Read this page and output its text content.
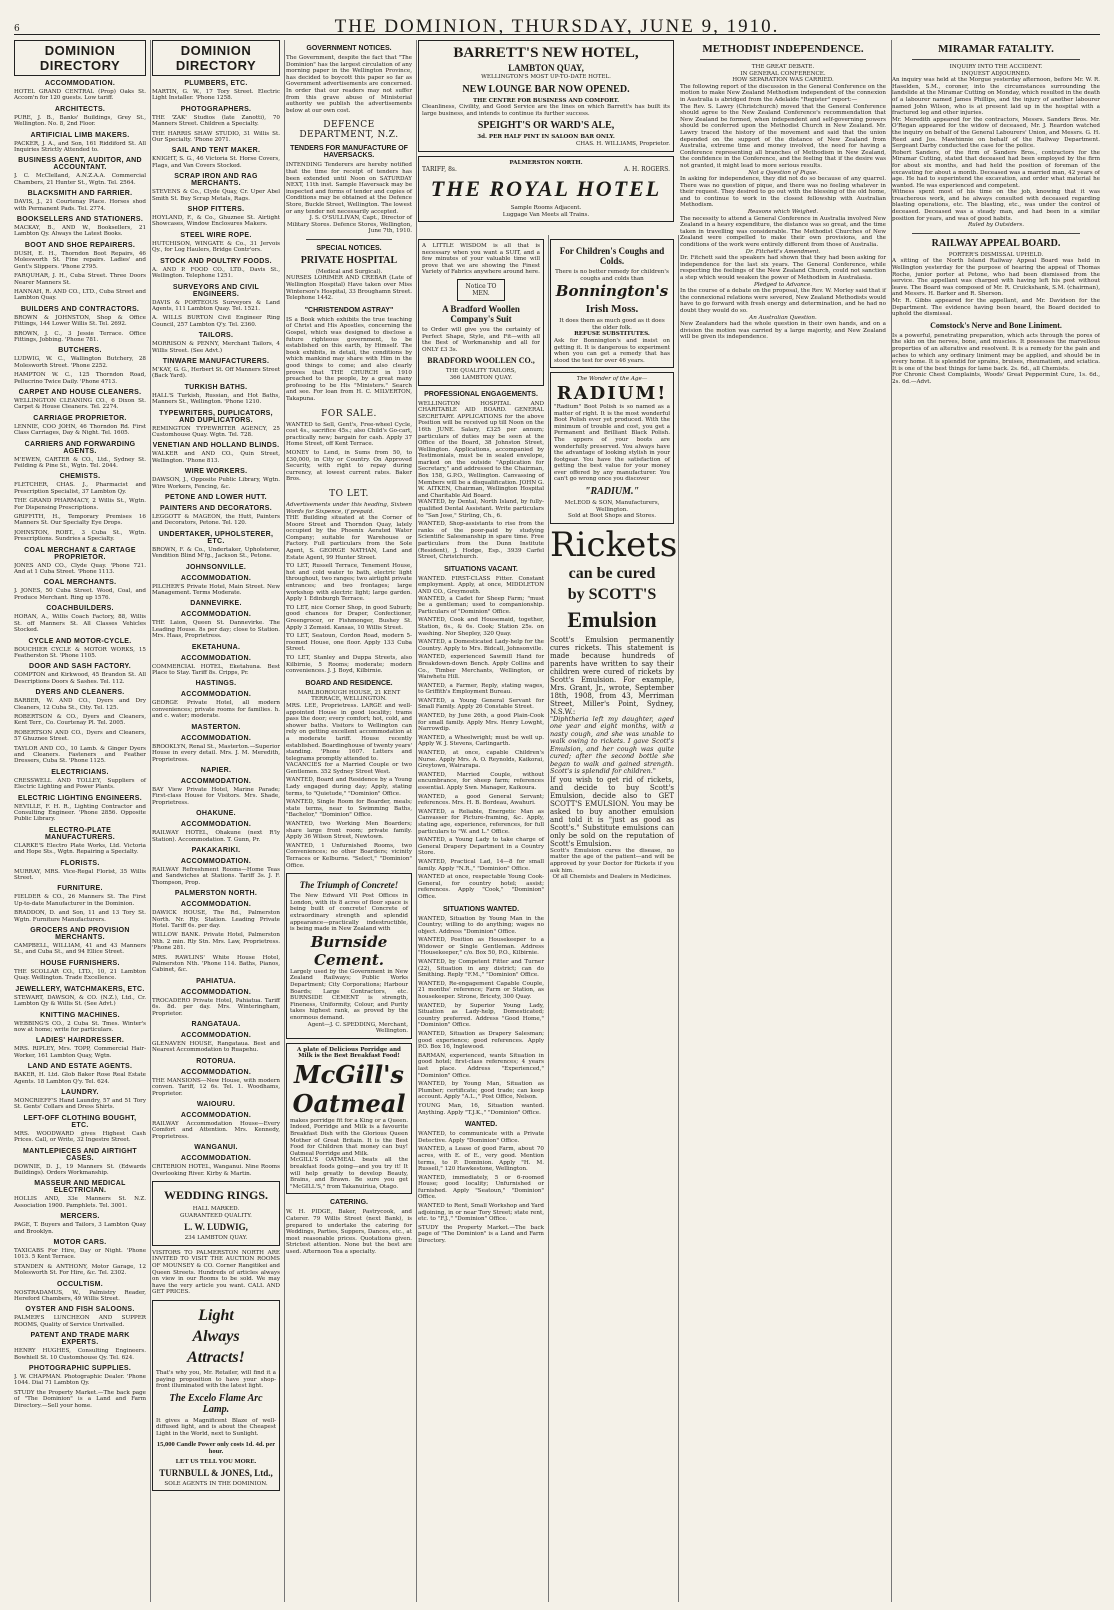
6	THE DOMINION, THURSDAY, JUNE 9, 1910.
DOMINION DIRECTORY
ACCOMMODATION.
HOTEL GRAND CENTRAL (Prop) Oaks St. Accom'n for 120 guests. Low tariff.
ARCHITECTS.
PURE, J. B., Banks' Buildings, Grey St., Wellington. No. 8, 2nd Floor.
ARTIFICIAL LIMB MAKERS.
PACKER, J. A., and Son, 161 Riddiford St. All Inquiries Strictly Attended to.
BUSINESS AGENT, AUDITOR, AND ACCOUNTANT.
J. C. McClelland, A.N.Z.A.A. Commercial Chambers, 21 Hunter St., Wgtn. Tel. 2564.
BLACKSMITH AND FARRIER.
DAVIS, J., 21 Courtenay Place. Horses shod with Permanent Pads. Tel. 2774.
BOOKSELLERS AND STATIONERS.
MACKAY, B., AND W., Booksellers, 21 Lambton Qy. Always the Latest Books.
BOOT AND SHOE REPAIRERS.
DUSH, E. H., Thorndon Boot Repairs, 46 Molesworth St. Fine repairs. Ladies' and Gent's Slippers. 'Phone 2795.
FARQUHAR, J. H., Cuba Street. Three Doors Nearer Manners St.
HANNAH, R. AND CO., LTD., Cuba Street and Lambton Quay.
BUILDERS AND CONTRACTORS.
BROWN & JOHNSTON, Shop & Office Fittings, 144 Lower Willis St. Tel. 2692.
BROWN, J. C., 3 Jessie Terrace. Office Fittings, Jobbing. 'Phone 781.
BUTCHERS.
LUDWIG, W. C., Wallington Butchery, 28 Molesworth Street. 'Phone 2252.
HAMPTON W. C., 125 Thorndon Road, Pellucrino Twice Daily. 'Phone 4713.
CARPET AND HOUSE CLEANERS.
WELLINGTON CLEANING CO., 6 Dixon St. Carpet & House Cleaners. Tel. 2274.
CARRIAGE PROPRIETOR.
LENNIE, COO JOHN, 46 Thorndon Rd. First Class Carriages, Day & Night. Tel. 1605.
CARRIERS AND FORWARDING AGENTS.
M'EWEN, CARTER & CO., Ltd., Sydney St. Feilding & Pine St., Wgtn. Tel. 2044.
CHEMISTS.
FLETCHER, CHAS. J., Pharmacist and Prescription Specialist, 37 Lambton Qy.
THE GRAND PHARMACY, 2 Willis St., Wgtn. For Dispensing Prescriptions.
GRIFFITH, H., Temporary Premises 16 Manners St. Our Specialty Eye Drops.
JOHNSTON, ROBT., 3 Cuba St., Wgtn. Prescriptions. Sundries a Specialty.
COAL MERCHANT & CARTAGE PROPRIETOR.
JONES AND CO., Clyde Quay. 'Phone 721. And at 1 Cuba Street. 'Phone 1113.
COAL MERCHANTS.
J. JONES, 50 Cuba Street. Wood, Coal, and Produce Merchant. Ring up 1576.
COACHBUILDERS.
HORAN, A., Willis Coach Factory, 88, Willis St. off Manners St. All Classes Vehicles Stocked.
CYCLE AND MOTOR-CYCLE.
BOUCHIER CYCLE & MOTOR WORKS, 15 Featherston St. 'Phone 1105.
DOOR AND SASH FACTORY.
COMPTON and Kirkwood, 45 Brandon St. All Descriptions Doors & Sashes. Tel. 112.
DYERS AND CLEANERS.
BARBER, W. AND CO., Dyers and Dry Cleaners, 12 Cuba St., City. Tel. 125.
ROBERTSON & CO., Dyers and Cleaners, Kent Terr., Co. Courtenay Pl. Tel. 2005.
ROBERTSON AND CO., Dyers and Cleaners, 57 Ghuznee Street.
TAYLOR AND CO., 10 Lamb. & Ginger Dyers and Cleaners. Fasteners and Feather Dressers, Cuba St. 'Phone 1125.
ELECTRICIANS.
CRESSWELL AND TOLLEY, Suppliers of Electric Lighting and Power Plants.
ELECTRIC LIGHTING ENGINEERS.
NEVILLE, F. H. R., Lighting Contractor and Consulting Engineer. 'Phone 2856. Opposite Public Library.
ELECTRO-PLATE MANUFACTURERS.
CLARKE'S Electro Plate Works, Ltd. Victoria and Hope Sts., Wgtn. Repairing a Specialty.
FLORISTS.
MURRAY, MRS. Vice-Regal Florist, 35 Willis Street.
FURNITURE.
FIELDER & CO., 26 Manners St. The First Up-to-date Manufacturer in the Dominion.
BRADDON, D. and Son, 11 and 13 Tory St. Wgtn. Furniture Manufacturers.
GROCERS AND PROVISION MERCHANTS.
CAMPBELL, WILLIAM, 41 and 43 Manners St., and Cuba St., and 94 Ellice Street.
HOUSE FURNISHERS.
THE SCOLLAR CO., LTD., 10, 21 Lambton Quay. Wellington. Trade Excellence.
JEWELLERY, WATCHMAKERS, ETC.
STEWART, DAWSON, & CO. (N.Z.), Ltd., Cr. Lambton Qy & Willis St. (See Advt.)
KNITTING MACHINES.
WEBBING'S CO., 2 Cuba St. Tmes. Winter's now at home; write for particulars.
LADIES' HAIRDRESSER.
MRS. RIPLEY, Mrs. TOPP, Commercial Hair-Worker, 161 Lambton Quay, Wgtn.
LAND AND ESTATE AGENTS.
BAKER, H. Ltd. Glob Baker Rose Real Estate Agents. 18 Lambton Q'y. Tel. 624.
LAUNDRY.
MONCRIEFF'S Hand Laundry, 57 and 51 Tory St. Gents' Collars and Dress Shirts.
LEFT-OFF CLOTHING BOUGHT, ETC.
MRS. WOODWARD gives Highest Cash Prices. Call, or Write, 32 Ingestre Street.
MANTLEPIECES AND AIRTIGHT CASES.
DOWNIE, D. J., 19 Manners St. (Edwards Buildings). Orders Workmanship.
MASSEUR AND MEDICAL ELECTRICIAN.
HOLLIS AND, 33e Manners St. N.Z. Association 1900. Pamphlets. Tel. 3001.
MERCERS.
PAGE, T. Buyers and Tailors, 3 Lambton Quay and Brooklyn.
MOTOR CARS.
TAXICABS For Hire, Day or Night. 'Phone 1013. 5 Kent Terrace.
STANDEN & ANTHONY, Motor Garage, 12 Molesworth St. For Hire, &c. Tel. 2302.
OCCULTISM.
NOSTRADAMUS, W., Palmistry Reader, Hereford Chambers, 49 Willis Street.
OYSTER AND FISH SALOONS.
PALMER'S LUNCHEON AND SUPPER ROOMS, Quality of Service Unrivalled.
PATENT AND TRADE MARK EXPERTS.
HENRY HUGHES, Consulting Engineers. Bowhiell St. 10 Customhouse Qy. Tel. 624.
PHOTOGRAPHIC SUPPLIES.
J. W. CHAPMAN. Photographic Dealer. 'Phone 1044. Dial 71 Lambton Qy.
STUDY the Property Market.—The back page of "The Dominion" is a Land and Farm Directory.—Sell your home.
DOMINION DIRECTORY
PLUMBERS, ETC.
MARTIN, G. W., 17 Tory Street. Electric Light Installer. 'Phone 1258.
PHOTOGRAPHERS.
THE 'ZAK' Studios (late Zanotti), 70 Manners Street. Children a Specialty.
THE HARRIS SHAW STUDIO, 31 Willis St. Our Specialty. 'Phone 2071.
SAIL AND TENT MAKER.
KNIGHT, S. G., 46 Victoria St. Horse Covers, Flags, and Van Covers Stocked.
SCRAP IRON AND RAG MERCHANTS.
STEVENS & Co., Clyde Quay, Cr. Uper Abel Smith St. Buy Scrap Metals, Rags.
SHOP FITTERS.
HOYLAND, F., & Co., Ghuznee St. Airtight Showcases, Window Enclosures Makers.
STEEL WIRE ROPE.
HUTCHISON, WINGATE & Co., 31 Jervois Qy., for Log Haulers, Bridge Contr'ors.
STOCK AND POULTRY FOODS.
A. AND P. FOOD CO., LTD., Davis St., Wellington. Telephone 1251.
SURVEYORS AND CIVIL ENGINEERS.
DAVIS & PORTEOUS Surveyors & Land Agents, 111 Lambton Quay. Tel. 1521.
A. WILLS BURTON Civil Engineer Ring Council, 257 Lambton Q'y. Tel. 2360.
TAILORS.
MORRISON & PENNY, Merchant Tailors, 4 Willis Street. (See Advt.)
TINWARE MANUFACTURERS.
M'KAY, G. G., Herbert St. Off Manners Street (Back Yard).
TURKISH BATHS.
HALL'S Turkish, Russian, and Hot Baths, Manners St., Wellington. 'Phone 1210.
TYPEWRITERS, DUPLICATORS, AND DUPLICATORS.
REMINGTON TYPEWRITER AGENCY, 25 Customhouse Quay. Wgtn. Tel. 728.
VENETIAN AND HOLLAND BLINDS.
WALKER and AND CO., Quin Street, Wellington. 'Phone 813.
WIRE WORKERS.
DAWSON, J., Opposite Public Library, Wgtn. Wire Workers, Fencing, &c.
PETONE AND LOWER HUTT.
PAINTERS AND DECORATORS.
LEGGOTT & MAGEON, the Hutt, Painters and Decorators, Petone. Tel. 120.
UNDERTAKER, UPHOLSTERER, ETC.
BROWN, F. & Co., Undertaker, Upholsterer, Vendition Blind M'fg., Jackson St., Petone.
JOHNSONVILLE.
ACCOMMODATION.
PILCHER'S Private Hotel, Main Street. New Management. Terms Moderate.
DANNEVIRKE.
ACCOMMODATION.
THE Laion, Queen St. Dannevirke. The Leading House. 8s per day; close to Station. Mrs. Haas, Proprietress.
EKETAHUNA.
ACCOMMODATION.
COMMERCIAL HOTEL, Eketahuna. Best Place to Stay. Tariff 8s. Cripps, Pr.
HASTINGS.
ACCOMMODATION.
GEORGE Private Hotel, all modern conveniences; private rooms for families. h. and c. water; moderate.
MASTERTON.
ACCOMMODATION.
BROOKLYN, Renal St., Masterton.—Superior House in every detail. Mrs. J. M. Meredith, Proprietress.
NAPIER.
ACCOMMODATION.
BAY View Private Hotel, Marine Parade; First-class House for Visitors. Mrs. Shade, Proprietress.
OHAKUNE.
ACCOMMODATION.
RAILWAY HOTEL, Ohakune (next R'ly Station). Accommodation. T. Gunn, Pr.
PAKAKARIKI.
ACCOMMODATION.
RAILWAY Refreshment Rooms—Home Teas and Sandwiches at Stations. Tariff 3s. J. F. Thompson, Prop.
PALMERSTON NORTH.
ACCOMMODATION.
DAWICK HOUSE, The Rd., Palmerston North. Nr. Rly. Station. Leading Private Hotel. Tariff 6s. per day.
WILLOW BANK. Private Hotel, Palmerston Nth. 2 min. Rly Stn. Mrs. Law, Proprietress. 'Phone 281.
MRS. RAWLINS' White House Hotel, Palmerston Nth. 'Phone 114. Baths, Pianos, Cabinet, &c.
PAHIATUA.
ACCOMMODATION.
TROCADERO Private Hotel, Pahiatua. Tariff 6s. 8d. per day. Mrs. Winteringham, Proprietor.
RANGATAUA.
ACCOMMODATION.
GLENAVEN HOUSE, Rangataua. Best and Nearest Accommodation to Ruapehu.
ROTORUA.
ACCOMMODATION.
THE MANSIONS—New House, with modern conven. Tariff, 12 6s. Tel. 1. Woodhams, Proprietor.
WAIOURU.
ACCOMMODATION.
RAILWAY Accommodation House—Every Comfort and Attention. Mrs. Kennedy, Proprietress.
WANGANUI.
ACCOMMODATION.
CRITERION HOTEL, Wanganui. Nine Rooms Overlooking River. Kirby & Martin.
WEDDING RINGS.
HALL MARKED.
GUARANTEED QUALITY.
L. W. LUDWIG,
234 LAMBTON QUAY.
VISITORS TO PALMERSTON NORTH ARE INVITED TO VISIT THE AUCTION ROOMS OF MOUNSEY & CO. Corner Rangitikei and Queen Streets. Hundreds of articles always on view in our Rooms to be sold. We may have the very article you want. CALL AND GET PRICES.
Light
Always
Attracts!
That's why you, Mr. Retailer, will find it a paying proposition to have your shop-front illuminated with the latest light.
The Excelo Flame Arc Lamp.
It gives a Magnificent Blaze of well-diffused light, and is about the Cheapest Light in the World, next to Sunlight.
15,000 Candle Power only costs 1d. 4d. per hour.
LET US TELL YOU MORE.
TURNBULL & JONES, Ltd.,
SOLE AGENTS IN THE DOMINION.
GOVERNMENT NOTICES.
The Government, despite the fact that "The Dominion" has the largest circulation of any morning paper in the Wellington Province, has decided to boycott this paper so far as Government advertisements are concerned. In order that our readers may not suffer from this grave abuse of Ministerial authority we publish the advertisements below at our own cost.
DEFENCE DEPARTMENT, N.Z.
TENDERS FOR MANUFACTURE OF HAVERSACKS.
INTENDING Tenderers are hereby notified that the time for receipt of tenders has been extended until Noon on SATURDAY NEXT, 11th inst. Sample Haversack may be inspected and forms of tender and copies of Conditions may be obtained at the Defence Store, Buckle Street, Wellington. The lowest or any tender not necessarily accepted.
J. S. O'SULLIVAN, Capt., Director of Military Stores. Defence Stores, Wellington, June 7th, 1910.
SPECIAL NOTICES.
PRIVATE HOSPITAL
(Medical and Surgical).
NURSES LORIMER AND CREBAR (Late of Wellington Hospital) Have taken over Miss Winterson's Hospital, 33 Broughamn Street. Telephone 1442.
"CHRISTENDOM ASTRAY"
IS a Book which exhibits the true teaching of Christ and His Apostles, concerning the Gospel, which was designed to disclose a future righteous government, to be established on this earth, by Himself. The book exhibits, in detail, the conditions by which mankind may share with Him in the good things to come; and also clearly proves that THE CHURCH in 1910 preached to the people, by a great many professing to be His "Ministers." Search and see. For loan from H. C. MILVERTON, Takapuna.
FOR SALE.
WANTED to Sell, Gent's, Free-wheel Cycle, cost 4s., sacrifice 45s.; also Child's Go-cart, practically new; bargain for cash. Apply 37 Home Street, off Kent Terrace.
MONEY to Lend, in Sums from 50, to £30,000, in City or Country. On Approved Security, with right to repay during currency, at lowest current rates. Baker Bros.
TO LET.
Advertisements under this heading, Sixteen Words for Sixpence, if prepaid.
THE Building situated at the Corner of Moore Street and Thorndon Quay, lately occupied by the Phoenix Aerated Water Company; suitable for Warehouse or Factory. Full particulars from the Sole Agent, S. GEORGE NATHAN, Land and Estate Agent, 99 Hunter Street.
TO LET, Russell Terrace, Tenement House, hot and cold water to bath, electric light throughout, two ranges; two airtight private entrances; and two frontages; large workshop with electric light; large garden. Apply 1 Edinburgh Terrace.
TO LET, nice Corner Shop, in good Suburb; good chances for Draper, Confectioner, Greengrocer, or Fishmonger, Bushey St. Apply 3 Zemsid. Kansas, 10 Willis Street.
TO LET, Seatoun, Cordon Road, modern 5-roomed House, one floor. Apply 133 Cuba Street.
TO LET, Stanley and Duppa Streets, also Kilbirnie, 5 Rooms; moderate; modern conveniences. J. J. Boyd, Kilbirnie.
BOARD AND RESIDENCE.
MARLBOROUGH HOUSE, 21 KENT TERRACE, WELLINGTON.
MRS. LEE, Proprietress. LARGE and well-appointed House in good locality; trams pass the door; every comfort; hot, cold, and shower baths. Visitors to Wellington can rely on getting excellent accommodation at a moderate tariff. House recently established. Boardinghouse of twenty years' standing. 'Phone 1607. Letters and telegrams promptly attended to.
VACANCIES for a Married Couple or two Gentlemen. 352 Sydney Street West.
WANTED, Board and Residence by a Young Lady engaged during day; Apply, stating terms, to "Quietude," "Dominion" Office.
WANTED, Single Room for Boarder, meals; state terms, near to Swimming Baths, "Bachelor," "Dominion" Office.
WANTED, two Working Men Boarders; share large front room; private family. Apply 36 Wilson Street, Newtown.
WANTED, 1 Unfurnished Rooms, two Conveniences; no other Boarders; vicinity Terraces or Kelburne. "Select," "Dominion" Office.
The Triumph of Concrete!
The New Edward VII Post Offices in London, with its 8 acres of floor space is being built of concrete! Concrete of extraordinary strength and splendid appearance—practically indestructible, is being made in New Zealand with
Burnside Cement.
Largely used by the Government in New Zealand Railways; Public Works Department; City Corporations; Harbour Boards; Large Contractors, etc. BURNSIDE CEMENT is strength, Fineness, Uniformity, Colour, and Purity takes highest rank, as proved by the enormous demand.
Agent—J. C. SPEDDING, Merchant, Wellington.
A plate of Delicious Porridge and Milk is the Best Breakfast Food!
McGill's Oatmeal
makes porridge fit for a King or a Queen. Indeed, Porridge and Milk is a favourite Breakfast Dish with the Glorious Queen Mother of Great Britain. It is the Best Food for Children that money can buy! Oatmeal Porridge and Milk.
McGILL'S OATMEAL beats all the breakfast foods going—and you try it! It will help greatly to develop Beauty, Brains, and Brawn. Be sure you get "McGILL'S," from Takanuiriua, Otago.
CATERING.
W. H. PIDGE, Baker, Pastrycook, and Caterer. 79 Willis Street (next Bank), is prepared to undertake the catering for Weddings, Parties, Suppers, Dances, etc., at most reasonable prices. Quotations given. Strictest attention. None but the best are used. Afternoon Tea a specialty.
BARRETT'S NEW HOTEL,
LAMBTON QUAY,
WELLINGTON'S MOST UP-TO-DATE HOTEL.
NEW LOUNGE BAR NOW OPENED.
THE CENTRE FOR BUSINESS AND COMFORT.
Cleanliness, Civility, and Good Service are the lines on which Barrett's has built its large business, and intends to continue its further success.
SPEIGHT'S OR WARD'S ALE,
3d. PER HALF PINT IN SALOON BAR ONLY.
CHAS. H. WILLIAMS, Proprietor.
PALMERSTON NORTH.
TARIFF, 8s.	A. H. ROGERS.
THE ROYAL HOTEL
Sample Rooms Adjacent.
Luggage Van Meets all Trains.
A LITTLE WISDOM is all that is necessary when you want a SUIT, and a few minutes of your valuable time will prove that we are showing the Finest Variety of Fabrics anywhere around here.
Notice TO MEN.
A Bradford Woollen Company's Suit
to Order will give you the certainty of Perfect Shape, Style, and Fit—with all the Best of Workmanship and all for ONLY £3 3s.
BRADFORD WOOLLEN CO.,
THE QUALITY TAILORS,
366 LAMBTON QUAY.
PROFESSIONAL ENGAGEMENTS.
WELLINGTON HOSPITAL AND CHARITABLE AID BOARD. GENERAL SECRETARY. APPLICATIONS for the above Position will be received up till Noon on the 16th JUNE. Salary, £325 per annum; particulars of duties may be seen at the Office of the Board, 38 Johnston Street, Wellington. Applications, accompanied by Testimonials, must be in sealed envelope, marked on the outside "Application for Secretary," and addressed to the Chairman, Box 158, G.P.O., Wellington. Canvassing of Members will be a disqualification. JOHN G. W. AITKEN, Chairman, Wellington Hospital and Charitable Aid Board.
WANTED, by Dental, North Island, by fully-qualified Dental Assistant. Write particulars to "San Jose," Stirling, Ch., 6.
WANTED, Shop-assistants to rise from the ranks of the poor-paid by studying Scientific Salesmanship in spare time. Free particulars from the Dunn Institute (Resident), J. Hodge, Esp., 3939 Carfel Street, Christchurch.
SITUATIONS VACANT.
WANTED. FIRST-CLASS Fitter. Constant employment. Apply, at once, MIDDLETON AND CO., Greymouth.
WANTED, a Cadet for Sheep Farm; "must be a gentleman; used to companionship. Particulars of "Dominion" Office.
WANTED, Cook and Housemaid, together, Station, 6s., & 6s. Cook; Station 25s. on washing. Nor Shepley, 320 Quay.
WANTED, a Domesticated Lady-help for the Country. Apply to Mrs. Bidcall, Johnsonville.
WANTED, experienced Sawmill Hand for Breakdown-down Bench. Apply Collins and Co., Timber Merchants, Wellington, or Waiwhetu Hill.
WANTED, a Farmer, Reply, stating wages, to Griffith's Employment Bureau.
WANTED, a Young General Servant for Small Family. Apply 26 Constable Street.
WANTED, by June 26th, a good Plain-Cook for small family. Apply Mrs. Henry Lowght, Narrowdip.
WANTED, a Wheelwright; must be well up. Apply W. J. Stevens, Carlingarth.
WANTED, at once, capable Children's Nurse. Apply Mrs. A. O. Reynolds, Kaikorai, Greytown, Wairarapa.
WANTED, Married Couple, without encumbrance, for sheep farm; references essential. Apply Swn. Manager, Kaikoura.
WANTED, a good General Servant; references. Mrs. H. B. Bordeau, Awahuri.
WANTED, a Reliable, Energetic Man as Canvasser for Picture-framing, &c. Apply, stating age, experience, references, for full particulars to "W. and L." Office.
WANTED, a Young Lady to take charge of General Drapery Department in a Country Store.
WANTED, Practical Lad, 14—8 for small family. Apply "N.R.," "Dominion" Office.
WANTED at once, respectable Young Cook-General, for country hotel; assist; references. Apply "Cook," "Dominion" Office.
SITUATIONS WANTED.
WANTED, Situation by Young Man in the Country; willing to do anything; wages no object. Address "Dominion" Office.
WANTED, Position as Housekeeper to a Widower or Single Gentleman. Address "Housekeeper," c/o. Box 50, P.O., Kilbirnie.
WANTED, by Competent Fitter and Turner (22), Situation in any district; can do Smithing. Reply "F.M.," "Dominion" Office.
WANTED, Re-engagement Capable Couple, 21 months' reference; Farm or Station, as housekeeper. Strone, Bricety, 300 Quay.
WANTED, by Superior Young Lady, Situation as Lady-help, Domesticated; country preferred. Address "Good Home," "Dominion" Office.
WANTED, Situation as Drapery Salesman; good experience; good references. Apply P.O. Box 16, Inglewood.
BARMAN, experienced, wants Situation in good hotel; first-class references; 4 years last place. Address "Experienced," "Dominion" Office.
WANTED, by Young Man, Situation as Plumber; certificate; good trade; can keep account. Apply "A.L.," Post Office, Nelson.
YOUNG Man, 16, Situation wanted. Anything. Apply "T.J.K.," "Dominion" Office.
WANTED.
WANTED, to communicate with a Private Detective. Apply "Dominion" Office.
WANTED, a Lease of good Farm, about 70 acres, with E. of E., very good. Mention terms, to P. Dominion. Apply "H. M. Russell," 120 Hawkestone, Wellington.
WANTED, immediately, 5 or 6-roomed House; good locality; Unfurnished or furnished. Apply "Seatoun," "Dominion" Office.
WANTED to Rent, Small Workshop and Yard adjoining, in or near Tory Street; state rent, etc. to "F.J.," "Dominion" Office.
STUDY the Property Market.—The back page of "The Dominion" is a Land and Farm Directory.
For Children's Coughs and Colds.
There is no better remedy for children's coughs and colds than
Bonnington's
Irish Moss.
It does them as much good as it does the older folk.
REFUSE SUBSTITUTES.
Ask for Bonnington's and insist on getting it. It is dangerous to experiment when you can get a remedy that has stood the test for over 46 years.
The Wonder of the Age—
RADIUM!
"Radium" Boot Polish is so named as a matter of right. It is the most wonderful Boot Polish ever yet produced. With the minimum of trouble and cost, you get a Permanent and Brilliant Black Polish. The uppers of your boots are wonderfully preserved. You always have the advantage of looking stylish in your footgear. You have the satisfaction of getting the best value for your money ever offered by any manufacturer. You can't go wrong once you discover
"RADIUM."
McLEOD & SON, Manufacturers, Wellington.
Sold at Boot Shops and Stores.
Rickets
can be cured
by SCOTT'S
Emulsion
Scott's Emulsion permanently cures rickets. This statement is made because hundreds of parents have written to say their children were cured of rickets by Scott's Emulsion. For example, Mrs. Grant, Jr., wrote, September 18th, 1908, from 43, Merriman Street, Miller's Point, Sydney, N.S.W.:
"Diphtheria left my daughter, aged one year and eight months, with a nasty cough, and she was unable to walk owing to rickets. I gave Scott's Emulsion, and her cough was quite cured; after the second bottle she began to walk and gained strength. Scott's is splendid for children."
If you wish to get rid of rickets, and decide to buy Scott's Emulsion, decide also to GET SCOTT'S EMULSION. You may be asked to buy another emulsion and told it is "just as good as Scott's." Substitute emulsions can only be sold on the reputation of Scott's Emulsion.
Scott's Emulsion cures the disease, no matter the age of the patient—and will be approved by your Doctor for Rickets if you ask him.
Of all Chemists and Dealers in Medicines.
METHODIST INDEPENDENCE.
THE GREAT DEBATE.
IN GENERAL CONFERENCE.
HOW SEPARATION WAS CARRIED.
The following report of the discussion in the General Conference on the motion to make New Zealand Methodism independent of the connexion in Australia is abridged from the Adelaide "Register" report:—
The Rev. S. Lawry (Christchurch) moved that the General Conference should agree to the New Zealand Conference's recommendation that New Zealand be formed, when independent and self-governing powers should be conferred upon the Methodist Church in New Zealand. Mr. Lawry traced the history of the movement and said that the union depended on the support of the distance of New Zealand from Australia, extreme time and money involved, the need for having a Conference representing all branches of Methodism in New Zealand, the confidence in the Conference, and the feeling that if the desire was not granted, it might lead to more serious results.
Not a Question of Pique.
In asking for independence, they did not do so because of any quarrel. There was no question of pique, and there was no feeling whatever in their request. They desired to go out with the blessing of the old home, and to continue to work in the closest fellowship with Australian Methodism.
Reasons which Weighed.
The necessity to attend a General Conference in Australia involved New Zealand in a heavy expenditure, the distance was so great, and the time taken in travelling was considerable. The Methodist Churches of New Zealand were compelled to make their own provisions, and the conditions of the work were entirely different from those of Australia.
Dr. Fitchett's Amendment.
Dr. Fitchett said the speakers had shown that they had been asking for independence for the last six years. The General Conference, while respecting the feelings of the New Zealand Church, could not sanction a step which would weaken the power of Methodism in Australasia.
Pledged to Advance.
In the course of a debate on the proposal, the Rev. W. Morley said that if the connexional relations were severed, New Zealand Methodists would have to go forward with fresh energy and determination, and he had no doubt they would do so.
An Australian Question.
New Zealanders had the whole question in their own hands, and on a division the motion was carried by a large majority, and New Zealand will be given its independence.
MIRAMAR FATALITY.
INQUIRY INTO THE ACCIDENT.
INQUEST ADJOURNED.
An inquiry was held at the Morgue yesterday afternoon, before Mr. W. R. Haselden, S.M., coroner, into the circumstances surrounding the landslide at the Miramar Cutting on Monday, which resulted in the death of a labourer named James Phillips, and the injury of another labourer named John Wilson, who is at present laid up in the hospital with a fractured leg and other injuries.
Mr. Meredith appeared for the contractors, Messrs. Sanders Bros. Mr. O'Regan appeared for the widow of deceased, Mr. J. Reardon watched the inquiry on behalf of the General Labourers' Union, and Messrs. G. H. Reed and Jos. Mawhinnie on behalf of the Railway Department. Sergeant Darby conducted the case for the police.
Robert Sanders, of the firm of Sanders Bros., contractors for the Miramar Cutting, stated that deceased had been employed by the firm for about six months, and had held the position of foreman of the excavating for about a month. Deceased was a married man, 42 years of age. He had to superintend the excavation, and order what material he wanted. He was experienced and competent.
Witness spent most of his time on the job, knowing that it was treacherous work, and he always consulted with deceased regarding blasting operations, etc. The blasting, etc., was under the control of deceased. Deceased was a steady man, and had been in a similar position for years, and was of good habits.
Ruled by Outsiders.
RAILWAY APPEAL BOARD.
PORTER'S DISMISSAL UPHELD.
A sitting of the North Island Railway Appeal Board was held in Wellington yesterday for the purpose of hearing the appeal of Thomas Roche, junior porter at Petone, who had been dismissed from the service. The appellant was charged with having left his post without leave. The Board was composed of Mr. R. Cruickshank, S.M. (chairman), and Messrs. H. Barker and R. Sherson.
Mr. R. Gibbs appeared for the appellant, and Mr. Davidson for the Department. The evidence having been heard, the Board decided to uphold the dismissal.
Comstock's Nerve and Bone Liniment.
Is a powerful, penetrating preparation, which acts through the pores of the skin on the nerves, bone, and muscles. It possesses the marvellous properties of an alterative and resolvent. It is a remedy for the pain and aches to which any ordinary liniment may be applied, and should be in every home. It is splendid for sprains, bruises, rheumatism, and sciatica. It is one of the best things for lame back. 2s. 6d., all Chemists.
For Chronic Chest Complaints, Woods' Great Peppermint Cure, 1s. 6d., 2s. 6d.—Advt.
